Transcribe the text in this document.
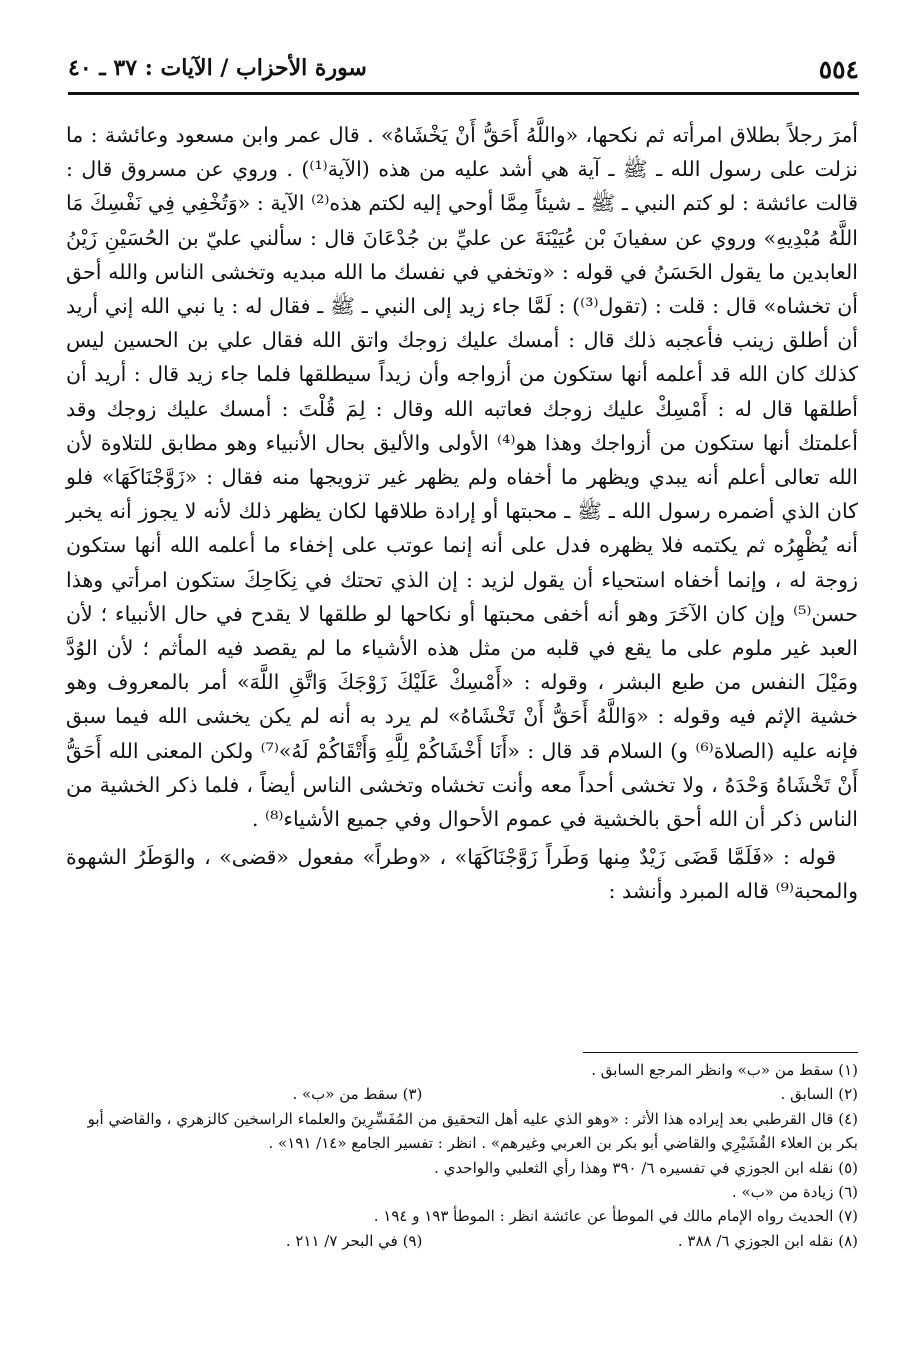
٥٥٤
سورة الأحزاب / الآيات : ٣٧ ـ ٤٠

أمرَ رجلاً بطلاق امرأته ثم نكحها، «واللَّهُ أَحَقُّ أَنْ يَخْشَاهُ» . قال عمر وابن مسعود وعائشة : ما نزلت على رسول الله ـ ﷺ ـ آية هي أشد عليه من هذه (الآية⁽¹⁾) . وروي عن مسروق قال : قالت عائشة : لو كتم النبي ـ ﷺ ـ شيئاً مِمَّا أوحي إليه لكتم هذه⁽²⁾ الآية : «وَتُخْفِي فِي نَفْسِكَ مَا اللَّهُ مُبْدِيهِ» وروي عن سفيانَ بْن عُيَيْنَةَ عن عليِّ بن جُدْعَانَ قال : سألني عليّ بن الحُسَيْنِ زَيْنُ العابدين ما يقول الحَسَنُ في قوله : «وتخفي في نفسك ما الله مبديه وتخشى الناس والله أحق أن تخشاه» قال : قلت : (تقول⁽³⁾) : لَمَّا جاء زيد إلى النبي ـ ﷺ ـ فقال له : يا نبي الله إني أريد أن أطلق زينب فأعجبه ذلك قال : أمسك عليك زوجك واتق الله فقال علي بن الحسين ليس كذلك كان الله قد أعلمه أنها ستكون من أزواجه وأن زيداً سيطلقها فلما جاء زيد قال : أريد أن أطلقها قال له : أَمْسِكْ عليك زوجك فعاتبه الله وقال : لِمَ قُلْتَ : أمسك عليك زوجك وقد أعلمتك أنها ستكون من أزواجك وهذا هو⁽⁴⁾ الأولى والأليق بحال الأنبياء وهو مطابق للتلاوة لأن الله تعالى أعلم أنه يبدي ويظهر ما أخفاه ولم يظهر غير تزويجها منه فقال : «زَوَّجْنَاكَهَا» فلو كان الذي أضمره رسول الله ـ ﷺ ـ محبتها أو إرادة طلاقها لكان يظهر ذلك لأنه لا يجوز أنه يخبر أنه يُظْهِرُه ثم يكتمه فلا يظهره فدل على أنه إنما عوتب على إخفاء ما أعلمه الله أنها ستكون زوجة له ، وإنما أخفاه استحياء أن يقول لزيد : إن الذي تحتك في نِكَاحِكَ ستكون امرأتي وهذا حسن⁽⁵⁾ وإن كان الآخَرَ وهو أنه أخفى محبتها أو نكاحها لو طلقها لا يقدح في حال الأنبياء ؛ لأن العبد غير ملوم على ما يقع في قلبه من مثل هذه الأشياء ما لم يقصد فيه المأثم ؛ لأن الوُدَّ ومَيْلَ النفس من طبع البشر ، وقوله : «أَمْسِكْ عَلَيْكَ زَوْجَكَ وَاتَّقِ اللَّهَ» أمر بالمعروف وهو خشية الإثم فيه وقوله : «وَاللَّهُ أَحَقُّ أَنْ تَخْشَاهُ» لم يرد به أنه لم يكن يخشى الله فيما سبق فإنه عليه (الصلاة⁽⁶⁾ و) السلام قد قال : «أَنَا أَخْشَاكُمْ لِلَّهِ وَأَتْقَاكُمْ لَهُ»⁽⁷⁾ ولكن المعنى الله أَحَقُّ أَنْ تَخْشَاهُ وَحْدَهُ ، ولا تخشى أحداً معه وأنت تخشاه وتخشى الناس أيضاً ، فلما ذكر الخشية من الناس ذكر أن الله أحق بالخشية في عموم الأحوال وفي جميع الأشياء⁽⁸⁾ .

قوله : «فَلَمَّا قَضَى زَيْدٌ مِنها وَطَراً زَوَّجْنَاكَهَا» ، «وطراً» مفعول «قضى» ، والوَطَرُ الشهوة والمحبة⁽⁹⁾ قاله المبرد وأنشد :

(١) سقط من «ب» وانظر المرجع السابق .

(٢) السابق .

(٣) سقط من «ب» .

(٤) قال القرطبي بعد إيراده هذا الأثر : «وهو الذي عليه أهل التحقيق من المُفَسِّرِينَ والعلماء الراسخين كالزهري ، والقاضي أبو بكر بن العلاء القُشَيْرِي والقاضي أبو بكر بن العربي وغيرهم» . انظر : تفسير الجامع «١٤/ ١٩١» .

(٥) نقله ابن الجوزي في تفسيره ٦/ ٣٩٠ وهذا رأي الثعلبي والواحدي .

(٦) زيادة من «ب» .

(٧) الحديث رواه الإمام مالك في الموطأ عن عائشة انظر : الموطأ ١٩٣ و ١٩٤ .

(٨) نقله ابن الجوزي ٦/ ٣٨٨ .

(٩) في البحر ٧/ ٢١١ .
